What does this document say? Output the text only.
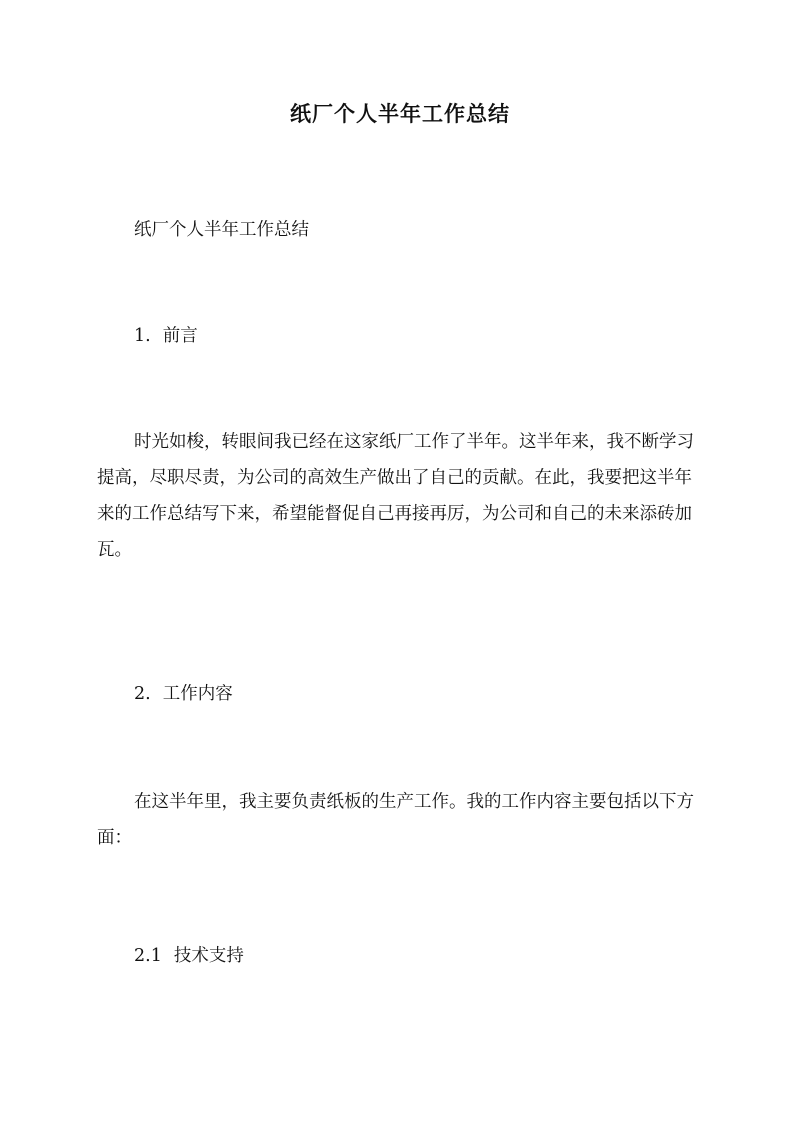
纸厂个人半年工作总结

纸厂个人半年工作总结

1. 前言

时光如梭，转眼间我已经在这家纸厂工作了半年。这半年来，我不断学习提高，尽职尽责，为公司的高效生产做出了自己的贡献。在此，我要把这半年来的工作总结写下来，希望能督促自己再接再厉，为公司和自己的未来添砖加瓦。

2. 工作内容

在这半年里，我主要负责纸板的生产工作。我的工作内容主要包括以下方面：

2.1 技术支持
